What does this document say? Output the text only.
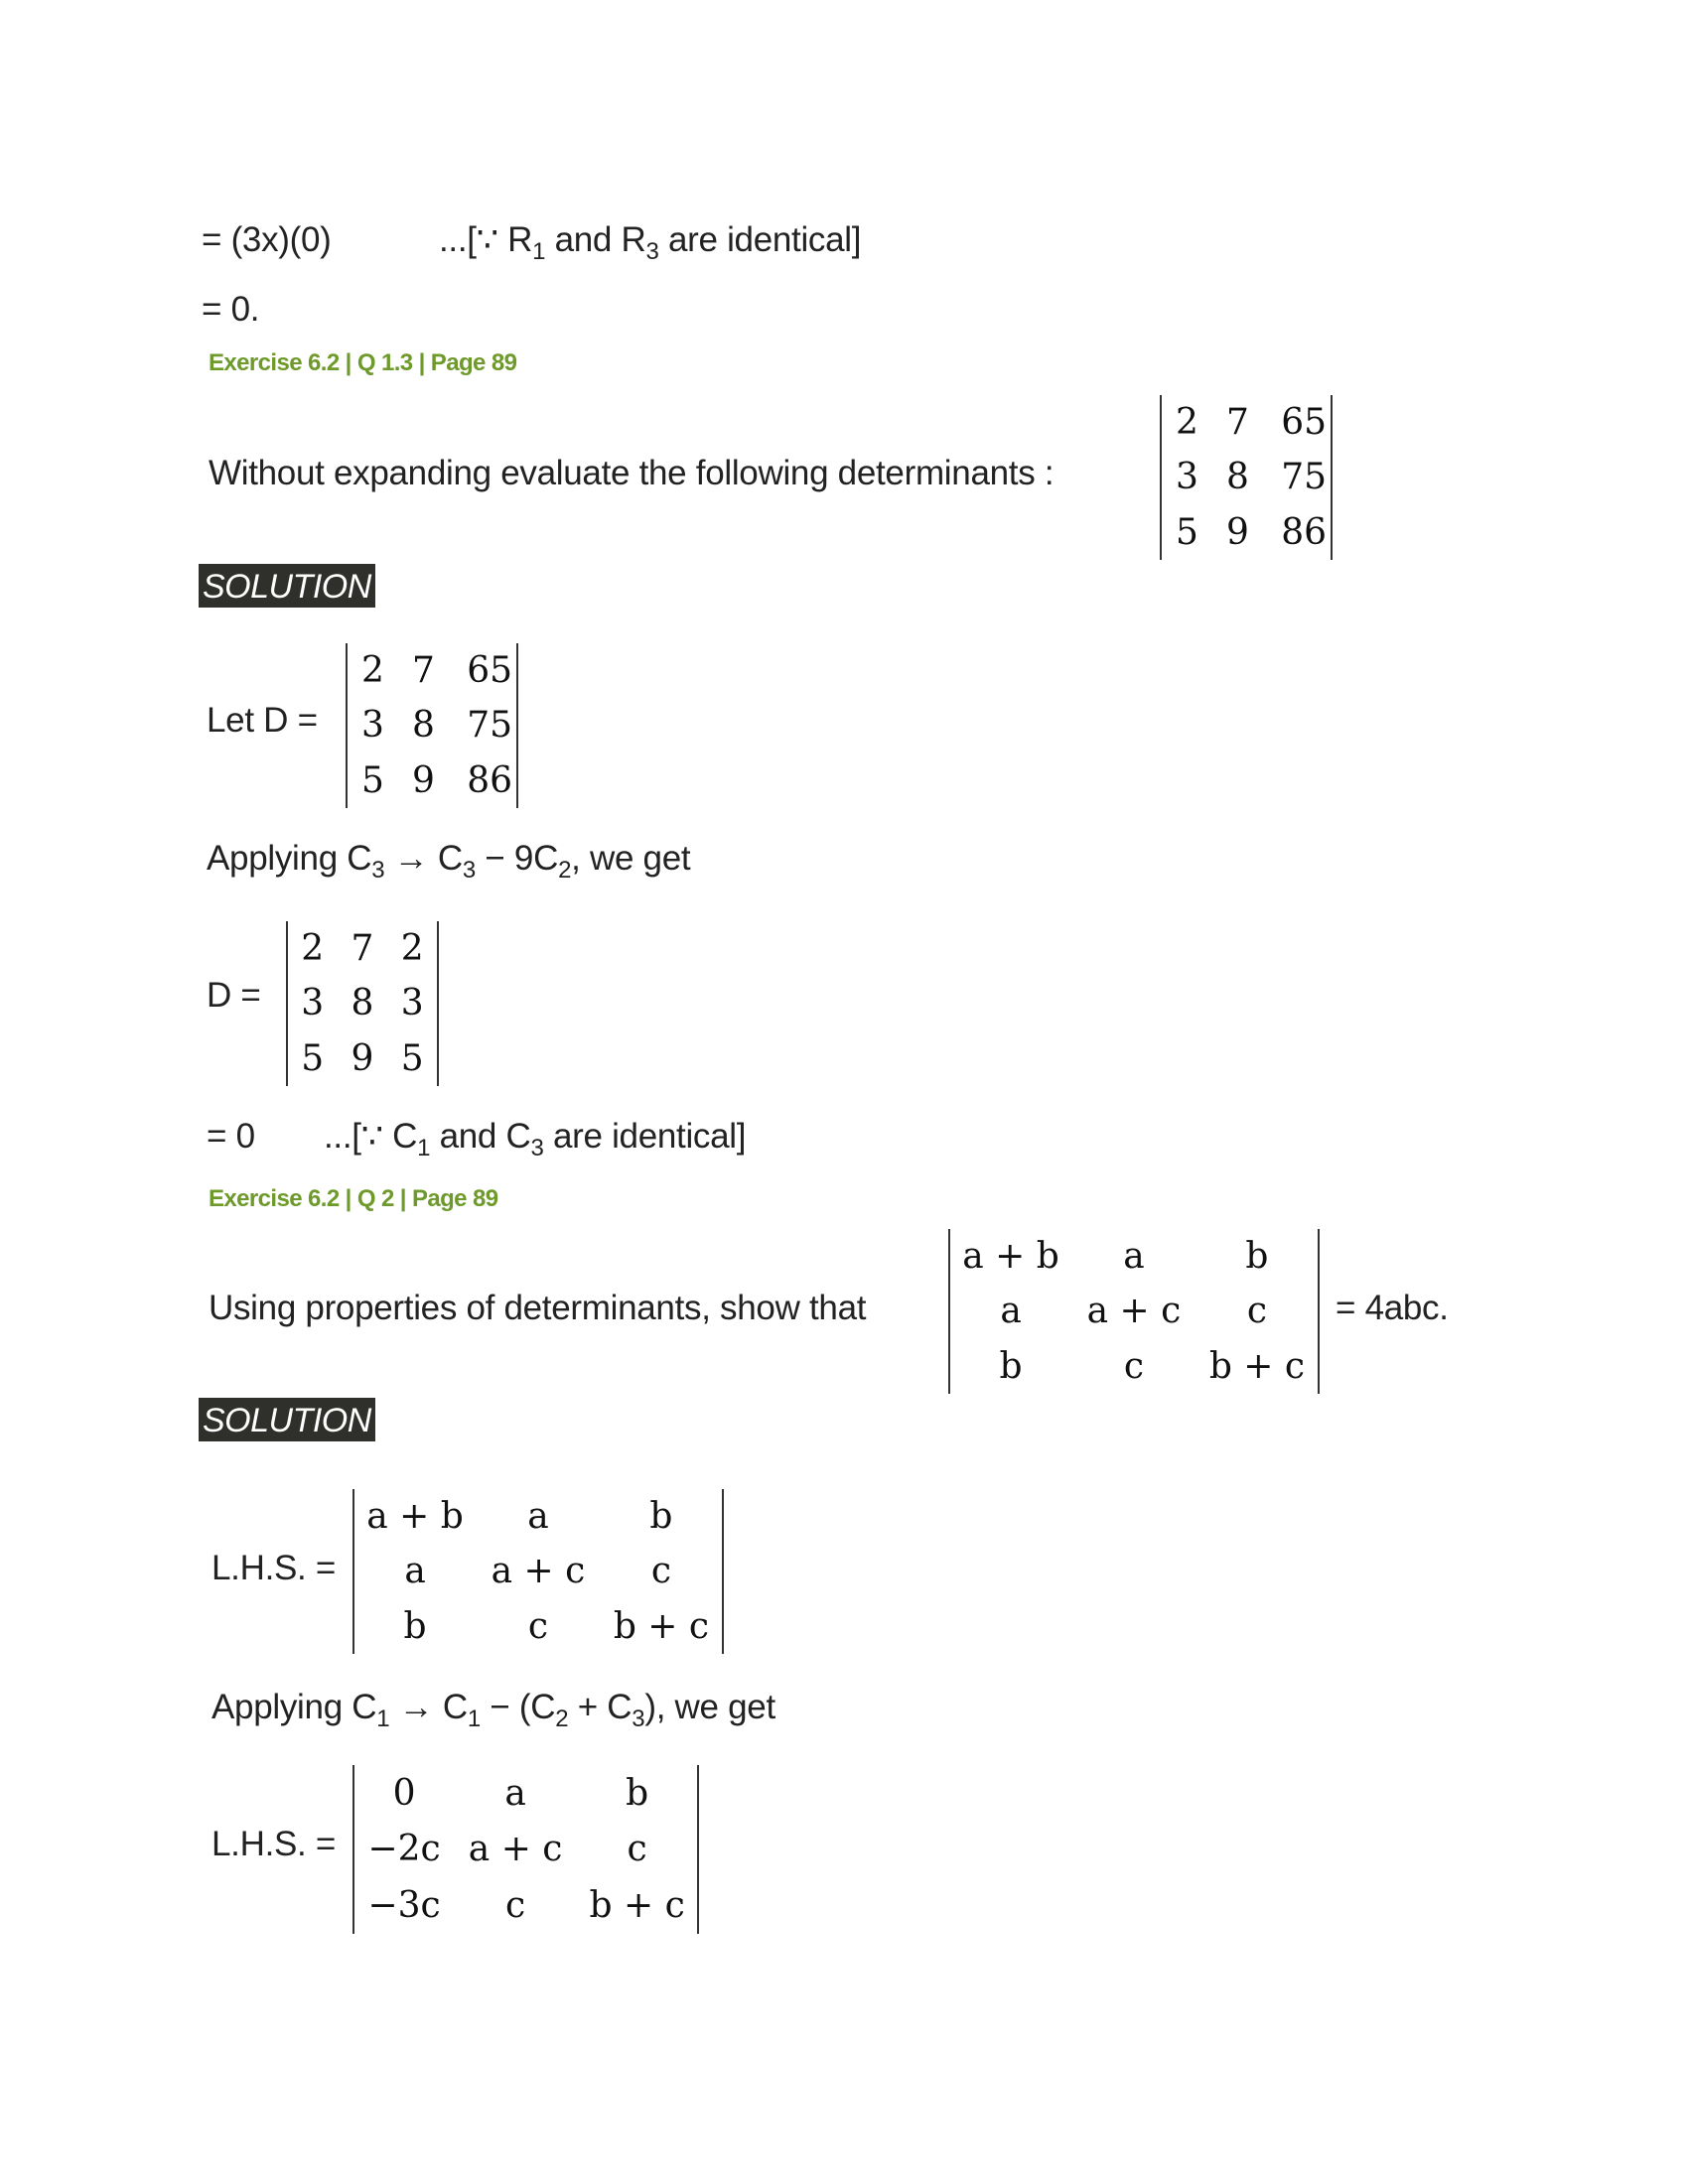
= (3x)(0)	...[∵ $R_1$ and $R_3$ are identical]
= 0.
Exercise 6.2 | Q 1.3 | Page 89
Without expanding evaluate the following determinants :
2	7	65
3	8	75
5	9	86
SOLUTION
Let D =
2	7	65
3	8	75
5	9	86
Applying $C_3 \to C_3 - 9C_2$, we get
D =
2	7	2
3	8	3
5	9	5
= 0 ...[∵ $C_1$ and $C_3$ are identical]
Exercise 6.2 | Q 2 | Page 89
Using properties of determinants, show that
a + b	a	b
a	a + c	c
b	c	b + c
= 4abc.
SOLUTION
L.H.S. =
a + b	a	b
a	a + c	c
b	c	b + c
Applying $C_1 \to C_1 - (C_2 + C_3)$, we get
L.H.S. =
0	a	b
−2c	a + c	c
−3c	c	b + c
